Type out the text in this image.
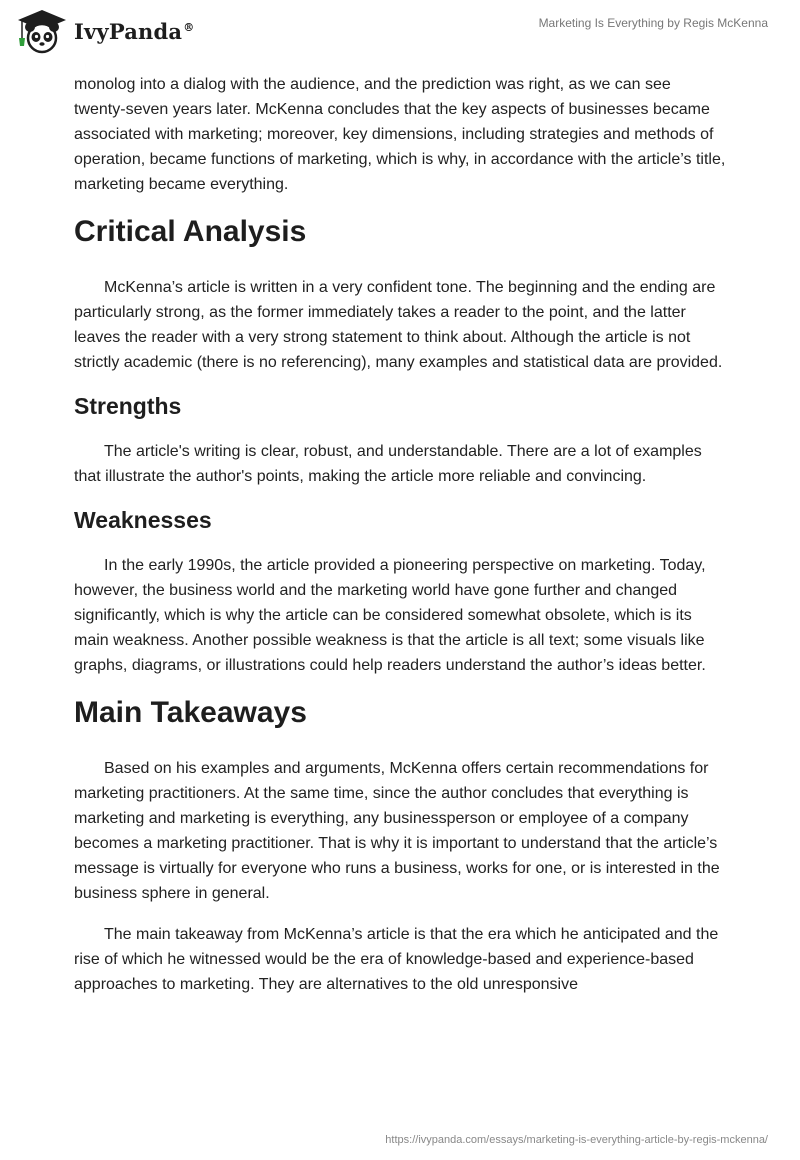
IvyPanda®	Marketing Is Everything by Regis McKenna

monolog into a dialog with the audience, and the prediction was right, as we can see twenty-seven years later. McKenna concludes that the key aspects of businesses became associated with marketing; moreover, key dimensions, including strategies and methods of operation, became functions of marketing, which is why, in accordance with the article’s title, marketing became everything.

Critical Analysis

McKenna’s article is written in a very confident tone. The beginning and the ending are particularly strong, as the former immediately takes a reader to the point, and the latter leaves the reader with a very strong statement to think about. Although the article is not strictly academic (there is no referencing), many examples and statistical data are provided.

Strengths

The article's writing is clear, robust, and understandable. There are a lot of examples that illustrate the author's points, making the article more reliable and convincing.

Weaknesses

In the early 1990s, the article provided a pioneering perspective on marketing. Today, however, the business world and the marketing world have gone further and changed significantly, which is why the article can be considered somewhat obsolete, which is its main weakness. Another possible weakness is that the article is all text; some visuals like graphs, diagrams, or illustrations could help readers understand the author’s ideas better.

Main Takeaways

Based on his examples and arguments, McKenna offers certain recommendations for marketing practitioners. At the same time, since the author concludes that everything is marketing and marketing is everything, any businessperson or employee of a company becomes a marketing practitioner. That is why it is important to understand that the article’s message is virtually for everyone who runs a business, works for one, or is interested in the business sphere in general.

The main takeaway from McKenna’s article is that the era which he anticipated and the rise of which he witnessed would be the era of knowledge-based and experience-based approaches to marketing. They are alternatives to the old unresponsive

https://ivypanda.com/essays/marketing-is-everything-article-by-regis-mckenna/
